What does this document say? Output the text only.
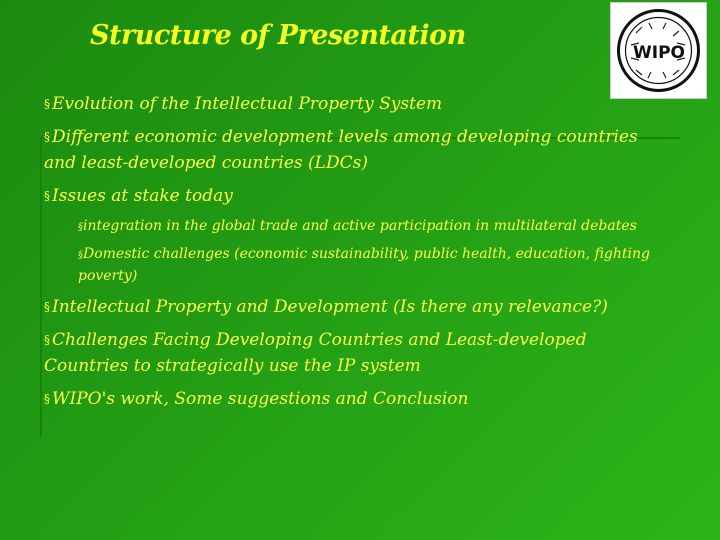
Structure of Presentation
WIPO
§ Evolution of the Intellectual Property System
§ Different economic development levels among developing countries and least-developed countries (LDCs)
§ Issues at stake today
§integration in the global trade and active participation in multilateral debates
§Domestic challenges (economic sustainability, public health, education, fighting poverty)
§ Intellectual Property and Development (Is there any relevance?)
§ Challenges Facing Developing Countries and Least-developed Countries to strategically use the IP system
§ WIPO's work, Some suggestions and Conclusion
